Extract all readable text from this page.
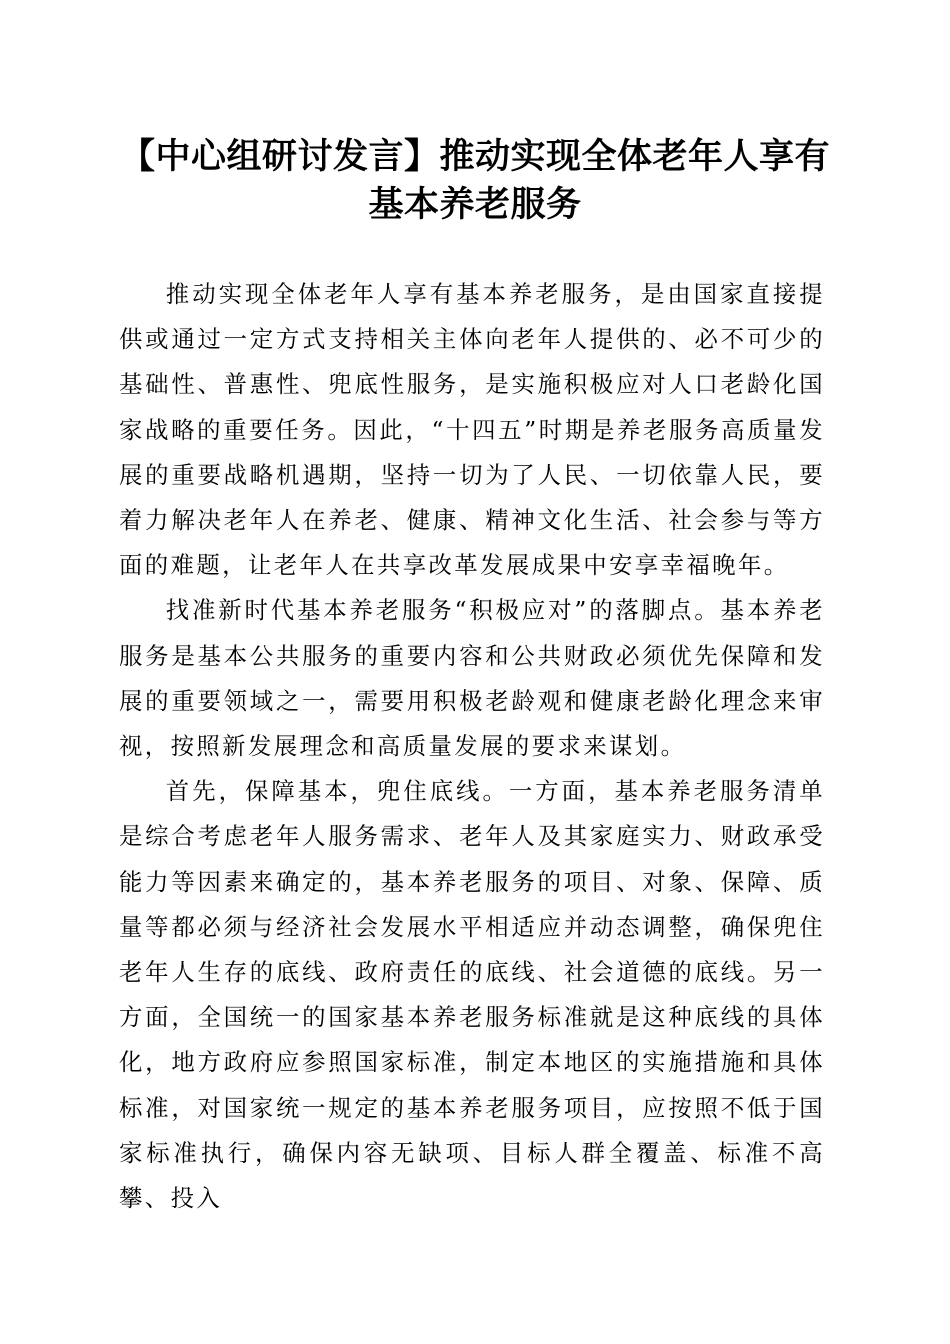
【中心组研讨发言】推动实现全体老年人享有
基本养老服务

推动实现全体老年人享有基本养老服务，是由国家直接提供或通过一定方式支持相关主体向老年人提供的、必不可少的基础性、普惠性、兜底性服务，是实施积极应对人口老龄化国家战略的重要任务。因此，“十四五”时期是养老服务高质量发展的重要战略机遇期，坚持一切为了人民、一切依靠人民，要着力解决老年人在养老、健康、精神文化生活、社会参与等方面的难题，让老年人在共享改革发展成果中安享幸福晚年。

找准新时代基本养老服务“积极应对”的落脚点。基本养老服务是基本公共服务的重要内容和公共财政必须优先保障和发展的重要领域之一，需要用积极老龄观和健康老龄化理念来审视，按照新发展理念和高质量发展的要求来谋划。

首先，保障基本，兜住底线。一方面，基本养老服务清单是综合考虑老年人服务需求、老年人及其家庭实力、财政承受能力等因素来确定的，基本养老服务的项目、对象、保障、质量等都必须与经济社会发展水平相适应并动态调整，确保兜住老年人生存的底线、政府责任的底线、社会道德的底线。另一方面，全国统一的国家基本养老服务标准就是这种底线的具体化，地方政府应参照国家标准，制定本地区的实施措施和具体标准，对国家统一规定的基本养老服务项目，应按照不低于国家标准执行，确保内容无缺项、目标人群全覆盖、标准不高攀、投入
